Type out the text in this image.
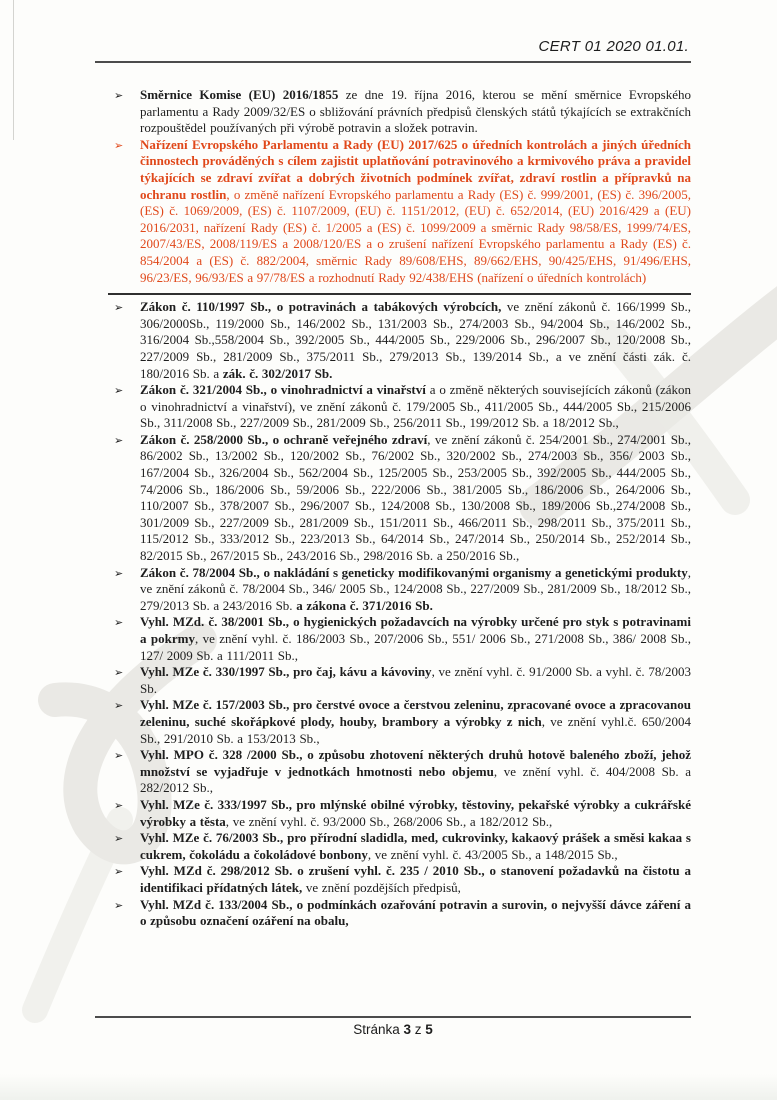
CERT 01 2020 01.01.
➢ Směrnice Komise (EU) 2016/1855 ze dne 19. října 2016, kterou se mění směrnice Evropského parlamentu a Rady 2009/32/ES o sbližování právních předpisů členských států týkajících se extrakčních rozpouštědel používaných při výrobě potravin a složek potravin.
➢ Nařízení Evropského Parlamentu a Rady (EU) 2017/625 o úředních kontrolách a jiných úředních činnostech prováděných s cílem zajistit uplatňování potravinového a krmivového práva a pravidel týkajících se zdraví zvířat a dobrých životních podmínek zvířat, zdraví rostlin a přípravků na ochranu rostlin, o změně nařízení Evropského parlamentu a Rady (ES) č. 999/2001, (ES) č. 396/2005, (ES) č. 1069/2009, (ES) č. 1107/2009, (EU) č. 1151/2012, (EU) č. 652/2014, (EU) 2016/429 a (EU) 2016/2031, nařízení Rady (ES) č. 1/2005 a (ES) č. 1099/2009 a směrnic Rady 98/58/ES, 1999/74/ES, 2007/43/ES, 2008/119/ES a 2008/120/ES a o zrušení nařízení Evropského parlamentu a Rady (ES) č. 854/2004 a (ES) č. 882/2004, směrnic Rady 89/608/EHS, 89/662/EHS, 90/425/EHS, 91/496/EHS, 96/23/ES, 96/93/ES a 97/78/ES a rozhodnutí Rady 92/438/EHS (nařízení o úředních kontrolách)
➢ Zákon č. 110/1997 Sb., o potravinách a tabákových výrobcích, ve znění zákonů č. 166/1999 Sb., 306/2000Sb., 119/2000 Sb., 146/2002 Sb., 131/2003 Sb., 274/2003 Sb., 94/2004 Sb., 146/2002 Sb., 316/2004 Sb.,558/2004 Sb., 392/2005 Sb., 444/2005 Sb., 229/2006 Sb., 296/2007 Sb., 120/2008 Sb., 227/2009 Sb., 281/2009 Sb., 375/2011 Sb., 279/2013 Sb., 139/2014 Sb., a ve znění části zák. č. 180/2016 Sb. a zák. č. 302/2017 Sb.
➢ Zákon č. 321/2004 Sb., o vinohradnictví a vinařství a o změně některých souvisejících zákonů (zákon o vinohradnictví a vinařství), ve znění zákonů č. 179/2005 Sb., 411/2005 Sb., 444/2005 Sb., 215/2006 Sb., 311/2008 Sb., 227/2009 Sb., 281/2009 Sb., 256/2011 Sb., 199/2012 Sb. a 18/2012 Sb.,
➢ Zákon č. 258/2000 Sb., o ochraně veřejného zdraví, ve znění zákonů č. 254/2001 Sb., 274/2001 Sb., 86/2002 Sb., 13/2002 Sb., 120/2002 Sb., 76/2002 Sb., 320/2002 Sb., 274/2003 Sb., 356/ 2003 Sb., 167/2004 Sb., 326/2004 Sb., 562/2004 Sb., 125/2005 Sb., 253/2005 Sb., 392/2005 Sb., 444/2005 Sb., 74/2006 Sb., 186/2006 Sb., 59/2006 Sb., 222/2006 Sb., 381/2005 Sb., 186/2006 Sb., 264/2006 Sb., 110/2007 Sb., 378/2007 Sb., 296/2007 Sb., 124/2008 Sb., 130/2008 Sb., 189/2006 Sb.,274/2008 Sb., 301/2009 Sb., 227/2009 Sb., 281/2009 Sb., 151/2011 Sb., 466/2011 Sb., 298/2011 Sb., 375/2011 Sb., 115/2012 Sb., 333/2012 Sb., 223/2013 Sb., 64/2014 Sb., 247/2014 Sb., 250/2014 Sb., 252/2014 Sb., 82/2015 Sb., 267/2015 Sb., 243/2016 Sb., 298/2016 Sb. a 250/2016 Sb.,
➢ Zákon č. 78/2004 Sb., o nakládání s geneticky modifikovanými organismy a genetickými produkty, ve znění zákonů č. 78/2004 Sb., 346/ 2005 Sb., 124/2008 Sb., 227/2009 Sb., 281/2009 Sb., 18/2012 Sb., 279/2013 Sb. a 243/2016 Sb. a zákona č. 371/2016 Sb.
➢ Vyhl. MZd. č. 38/2001 Sb., o hygienických požadavcích na výrobky určené pro styk s potravinami a pokrmy, ve znění vyhl. č. 186/2003 Sb., 207/2006 Sb., 551/ 2006 Sb., 271/2008 Sb., 386/ 2008 Sb., 127/ 2009 Sb. a 111/2011 Sb.,
➢ Vyhl. MZe č. 330/1997 Sb., pro čaj, kávu a kávoviny, ve znění vyhl. č. 91/2000 Sb. a vyhl. č. 78/2003 Sb.
➢ Vyhl. MZe č. 157/2003 Sb., pro čerstvé ovoce a čerstvou zeleninu, zpracované ovoce a zpracovanou zeleninu, suché skořápkové plody, houby, brambory a výrobky z nich, ve znění vyhl.č. 650/2004 Sb., 291/2010 Sb. a 153/2013 Sb.,
➢ Vyhl. MPO č. 328 /2000 Sb., o způsobu zhotovení některých druhů hotově baleného zboží, jehož množství se vyjadřuje v jednotkách hmotnosti nebo objemu, ve znění vyhl. č. 404/2008 Sb. a 282/2012 Sb.,
➢ Vyhl. MZe č. 333/1997 Sb., pro mlýnské obilné výrobky, těstoviny, pekařské výrobky a cukrářské výrobky a těsta, ve znění vyhl. č. 93/2000 Sb., 268/2006 Sb., a 182/2012 Sb.,
➢ Vyhl. MZe č. 76/2003 Sb., pro přírodní sladidla, med, cukrovinky, kakaový prášek a směsi kakaa s cukrem, čokoládu a čokoládové bonbony, ve znění vyhl. č. 43/2005 Sb., a 148/2015 Sb.,
➢ Vyhl. MZd č. 298/2012 Sb. o zrušení vyhl. č. 235 / 2010 Sb., o stanovení požadavků na čistotu a identifikaci přídatných látek, ve znění pozdějších předpisů,
➢ Vyhl. MZd č. 133/2004 Sb., o podmínkách ozařování potravin a surovin, o nejvyšší dávce záření a o způsobu označení ozáření na obalu,
Stránka 3 z 5
